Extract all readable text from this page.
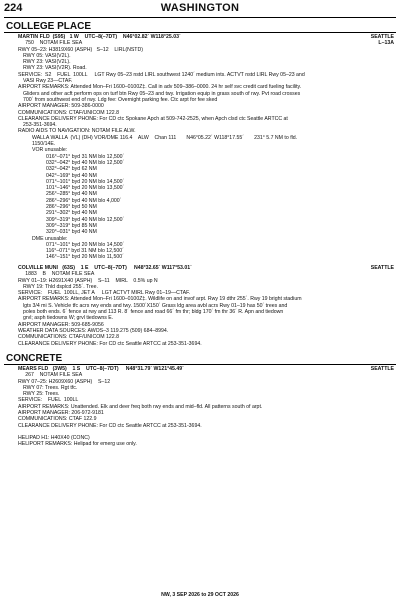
224	WASHINGTON
COLLEGE PLACE
MARTIN FLD  (S95)   1 W    UTC–8(–7DT)    N46°02.82´ W118°25.03´	SEATTLE
750    NOTAM FILE SEA	L–13A
RWY 05–23: H3819X60 (ASPH)   S–12    LIRL(NSTD)
RWY 05: VASI(V2L).
RWY 23: VASI(V2L).
RWY 23: VASI(V2R). Road.
SERVICE:  S2    FUEL  100LL     LGT Rwy 05–23 nstd LIRL southwest 1240´ medium ints. ACTVT nstd LIRL Rwy 05–23 and
VASI Rwy 23—CTAF.
AIRPORT REMARKS: Attended Mon–Fri 1600–0100Z‡. Call in adv 509–386–0000. 24 hr self svc credit card fueling facility.
Gliders and other acft perform ops on turf btn Rwy 05–23 and twy. Irrigation equip in grass south of rwy. Pvt road crosses
700´ from southwest end of rwy. Ldg fee: Overnight parking fee. Ctc arpt for fee sked
AIRPORT MANAGER: 509-386-0000
COMMUNICATIONS: CTAF/UNICOM 122.8
CLEARANCE DELIVERY PHONE: For CD ctc Spokane Apch at 509-742-2525, when Apch clsd ctc Seattle ARTCC at
253-351-3694.
RADIO AIDS TO NAVIGATION: NOTAM FILE ALW.
WALLA WALLA  (VL) (DH) VOR/DME 116.4    ALW    Chan 111       N46°05.22´ W118°17.55´       231° 5.7 NM to fld.
1150/14E.
VOR unusable:
016°–071° byd 31 NM blo 12,500´
032°–042° byd 40 NM blo 12,500´
032°–042° byd 62 NM
042°–169° byd 40 NM
071°–101° byd 20 NM blo 14,500´
101°–146° byd 20 NM blo 13,500´
256°–285° byd 40 NM
286°–296° byd 40 NM blo 4,000´
286°–296° byd 50 NM
291°–302° byd 40 NM
309°–319° byd 40 NM blo 12,500´
309°–319° byd 85 NM
320°–031° byd 40 NM
DME unusable:
071°–101° byd 20 NM blo 14,500´
116°–071° byd 31 NM blo 12,500´
146°–151° byd 20 NM blo 11,500´
COLVILLE MUNI   (63S)    1 E    UTC–8(–7DT)     N48°32.65´ W117°53.01´	SEATTLE
1883    B    NOTAM FILE SEA
RWY 01–19: H2691X40 (ASPH)    S–11    MIRL    0.5% up N
RWY 19: Thld dsplcd 255´. Tree.
SERVICE:    FUEL  100LL, JET A     LGT ACTVT MIRL Rwy 01–19—CTAF.
AIRPORT REMARKS: Attended Mon–Fri 1600–0100Z‡. Wildlife on and invof arpt. Rwy 19 dthr 255´. Rwy 19 bright stadium
lgts 3/4 mi S. Vehicle tfc acrs rwy ends and twy. 1500´X150´ Grass ldg area avbl acrs Rwy 01–19 has 50´ trees and
poles both ends. 6´ fence at rwy and 113 R. 8´ fence and road 66´ fm thr; bldg 170´ fm thr 36´ R. Apn and tiedown
grvl; asph tiedowns W; grvl tiedowns E.
AIRPORT MANAGER: 509-685-9056
WEATHER DATA SOURCES: AWOS–3 119.275 (509) 684–8994.
COMMUNICATIONS: CTAF/UNICOM 122.8
CLEARANCE DELIVERY PHONE: For CD ctc Seattle ARTCC at 253-351-3694.
CONCRETE
MEARS FLD   (3W5)    1 S    UTC–8(–7DT)     N48°31.79´ W121°45.49´	SEATTLE
267    NOTAM FILE SEA
RWY 07–25: H2609X60 (ASPH)    S–12
RWY 07: Trees. Rgt tfc.
RWY 25: Trees.
SERVICE:    FUEL  100LL
AIRPORT REMARKS: Unattended. Elk and deer freq both rwy ends and mid–fld. All patterns south of arpt.
AIRPORT MANAGER: 206-972-9181
COMMUNICATIONS: CTAF 122.9
CLEARANCE DELIVERY PHONE: For CD ctc Seattle ARTCC at 253-351-3694.
HELIPAD H1: H40X40 (CONC)
HELIPORT REMARKS: Helipad for emerg use only.
NW, 3 SEP 2026 to 29 OCT 2026
